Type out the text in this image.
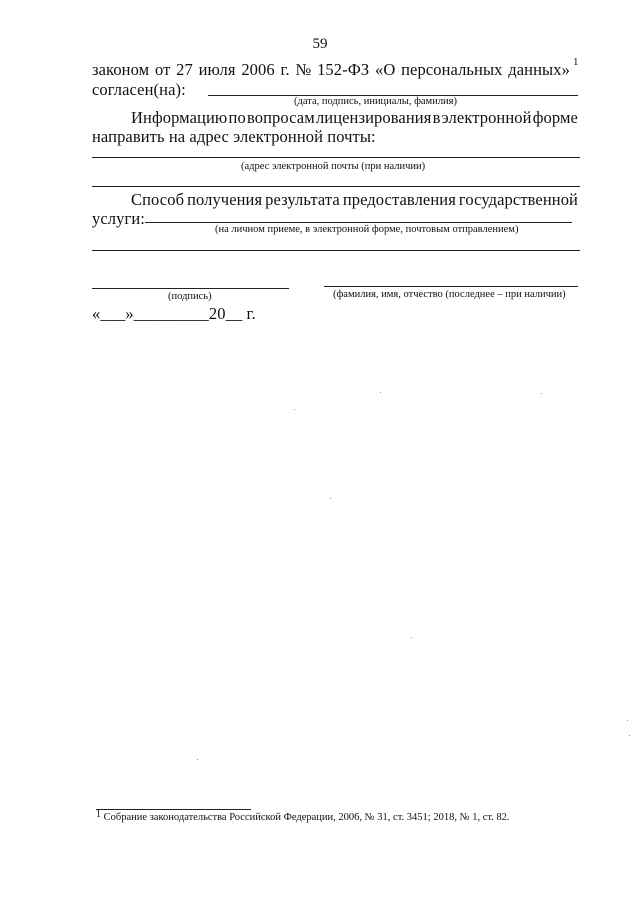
59
законом от 27 июля 2006 г. № 152-ФЗ «О персональных данных» 1
согласен(на):
(дата, подпись, инициалы, фамилия)
Информацию по вопросам лицензирования в электронной форме
направить на адрес электронной почты:
(адрес электронной почты (при наличии)
Способ получения результата предоставления государственной
услуги:
(на личном приеме, в электронной форме, почтовым отправлением)
(подпись)	(фамилия, имя, отчество (последнее – при наличии)
«___»_________20__ г.
$^1$ Собрание законодательства Российской Федерации, 2006, № 31, ст. 3451; 2018, № 1, ст. 82.
